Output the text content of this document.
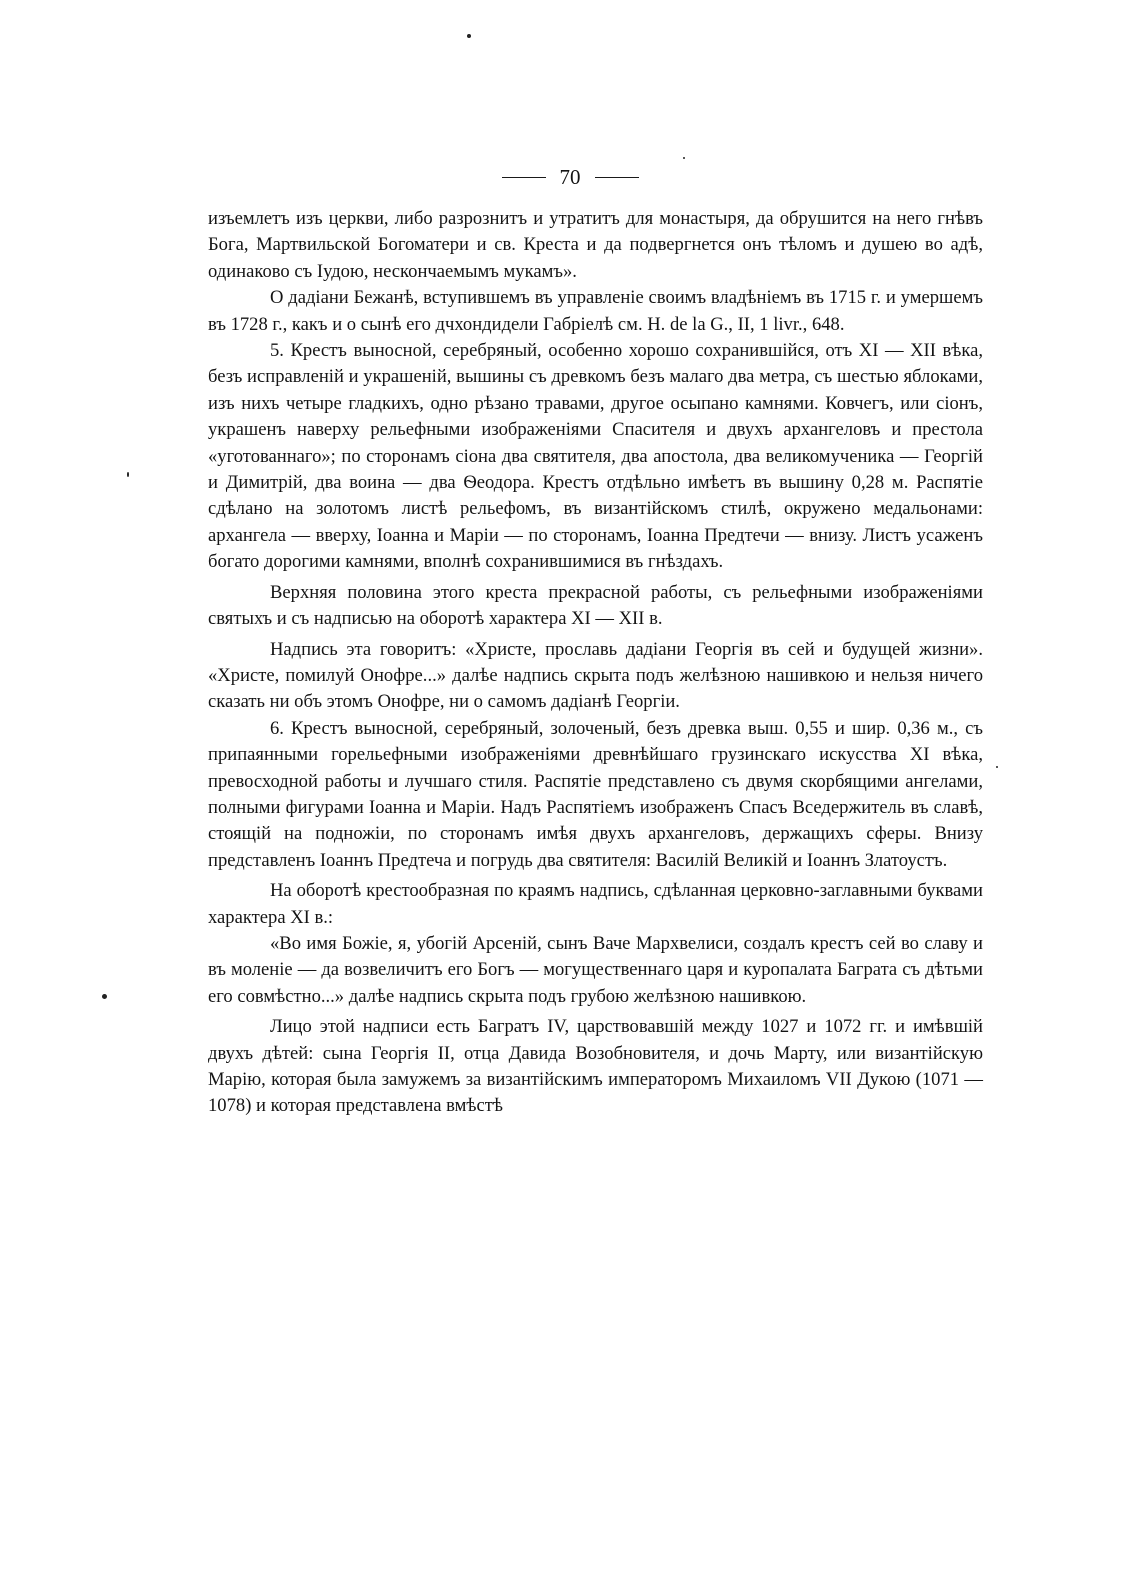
70

изъемлетъ изъ церкви, либо разрознитъ и утратитъ для монастыря, да обрушится на него гнѣвъ Бога, Мартвильской Богоматери и св. Креста и да подвергнется онъ тѣломъ и душею во адѣ, одинаково съ Іудою, нескончаемымъ мукамъ».

О дадіани Бежанѣ, вступившемъ въ управленіе своимъ владѣніемъ въ 1715 г. и умершемъ въ 1728 г., какъ и о сынѣ его дчхондидели Габріелѣ см. H. de la G., II, 1 livr., 648.

5. Крестъ выносной, серебряный, особенно хорошо сохранившійся, отъ XI — XII вѣка, безъ исправленій и украшеній, вышины съ древкомъ безъ малаго два метра, съ шестью яблоками, изъ нихъ четыре гладкихъ, одно рѣзано травами, другое осыпано камнями. Ковчегъ, или сіонъ, украшенъ наверху рельефными изображеніями Спасителя и двухъ архангеловъ и престола «уготованнаго»; по сторонамъ сіона два святителя, два апостола, два великомученика — Георгій и Димитрій, два воина — два Ѳеодора. Крестъ отдѣльно имѣетъ въ вышину 0,28 м. Распятіе сдѣлано на золотомъ листѣ рельефомъ, въ византійскомъ стилѣ, окружено медальонами: архангела — вверху, Іоанна и Маріи — по сторонамъ, Іоанна Предтечи — внизу. Листъ усаженъ богато дорогими камнями, вполнѣ сохранившимися въ гнѣздахъ.

Верхняя половина этого креста прекрасной работы, съ рельефными изображеніями святыхъ и съ надписью на оборотѣ характера XI — XII в.

Надпись эта говоритъ: «Христе, прославь дадіани Георгія въ сей и будущей жизни». «Христе, помилуй Онофре...» далѣе надпись скрыта подъ желѣзною нашивкою и нельзя ничего сказать ни объ этомъ Онофре, ни о самомъ дадіанѣ Георгіи.

6. Крестъ выносной, серебряный, золоченый, безъ древка выш. 0,55 и шир. 0,36 м., съ припаянными горельефными изображеніями древнѣйшаго грузинскаго искусства XI вѣка, превосходной работы и лучшаго стиля. Распятіе представлено съ двумя скорбящими ангелами, полными фигурами Іоанна и Маріи. Надъ Распятіемъ изображенъ Спасъ Вседержитель въ славѣ, стоящій на подножіи, по сторонамъ имѣя двухъ архангеловъ, держащихъ сферы. Внизу представленъ Іоаннъ Предтеча и погрудь два святителя: Василій Великій и Іоаннъ Златоустъ.

На оборотѣ крестообразная по краямъ надпись, сдѣланная церковно-заглавными буквами характера XI в.:

«Во имя Божіе, я, убогій Арсеній, сынъ Ваче Мархвелиси, создалъ крестъ сей во славу и въ моленіе — да возвеличитъ его Богъ — могущественнаго царя и куропалата Баграта съ дѣтьми его совмѣстно...» далѣе надпись скрыта подъ грубою желѣзною нашивкою.

Лицо этой надписи есть Багратъ IV, царствовавшій между 1027 и 1072 гг. и имѣвшій двухъ дѣтей: сына Георгія II, отца Давида Возобновителя, и дочь Марту, или византійскую Марію, которая была замужемъ за византійскимъ императоромъ Михаиломъ VII Дукою (1071 — 1078) и которая представлена вмѣстѣ
